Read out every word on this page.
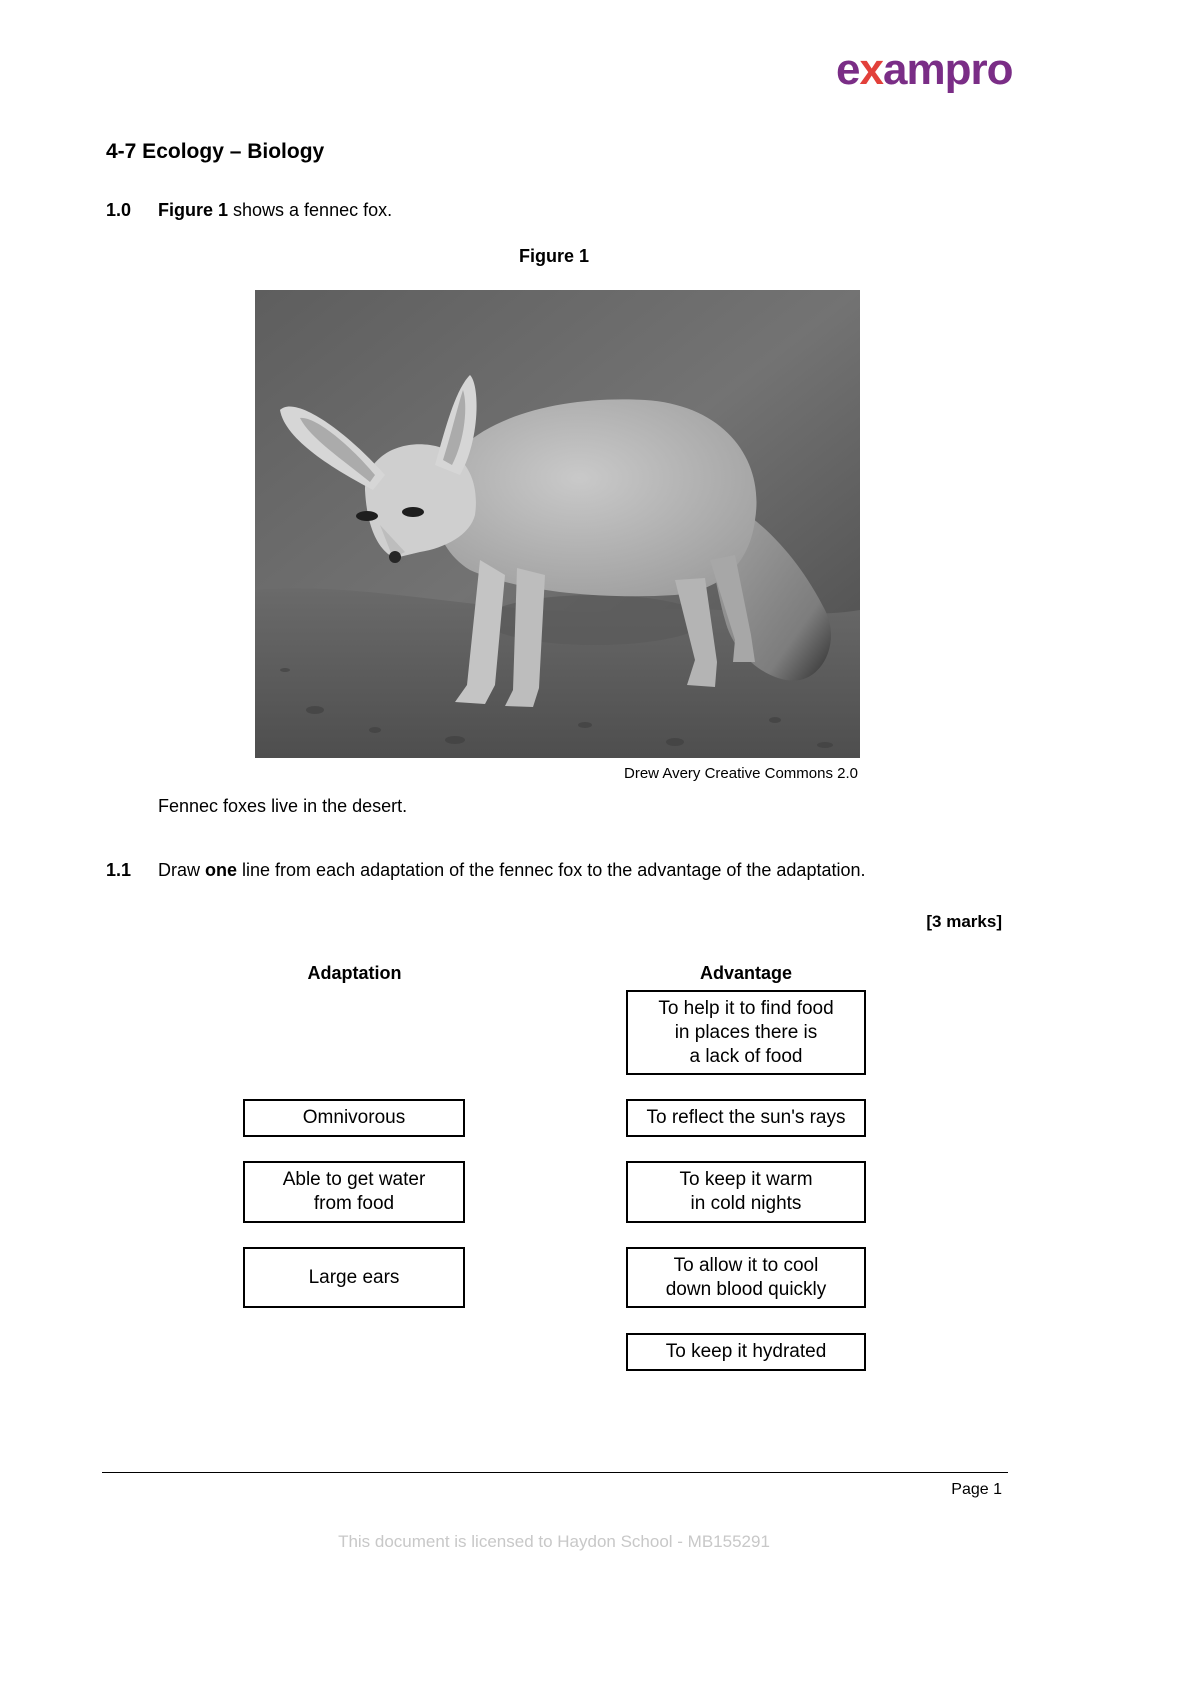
exampro
4-7 Ecology – Biology
1.0 Figure 1 shows a fennec fox.
Figure 1
Drew Avery Creative Commons 2.0
Fennec foxes live in the desert.
1.1 Draw one line from each adaptation of the fennec fox to the advantage of the adaptation.
[3 marks]
Adaptation	Advantage
Omnivorous
Able to get water
from food
Large ears
To help it to find food
in places there is
a lack of food
To reflect the sun's rays
To keep it warm
in cold nights
To allow it to cool
down blood quickly
To keep it hydrated
Page 1
This document is licensed to Haydon School - MB155291
